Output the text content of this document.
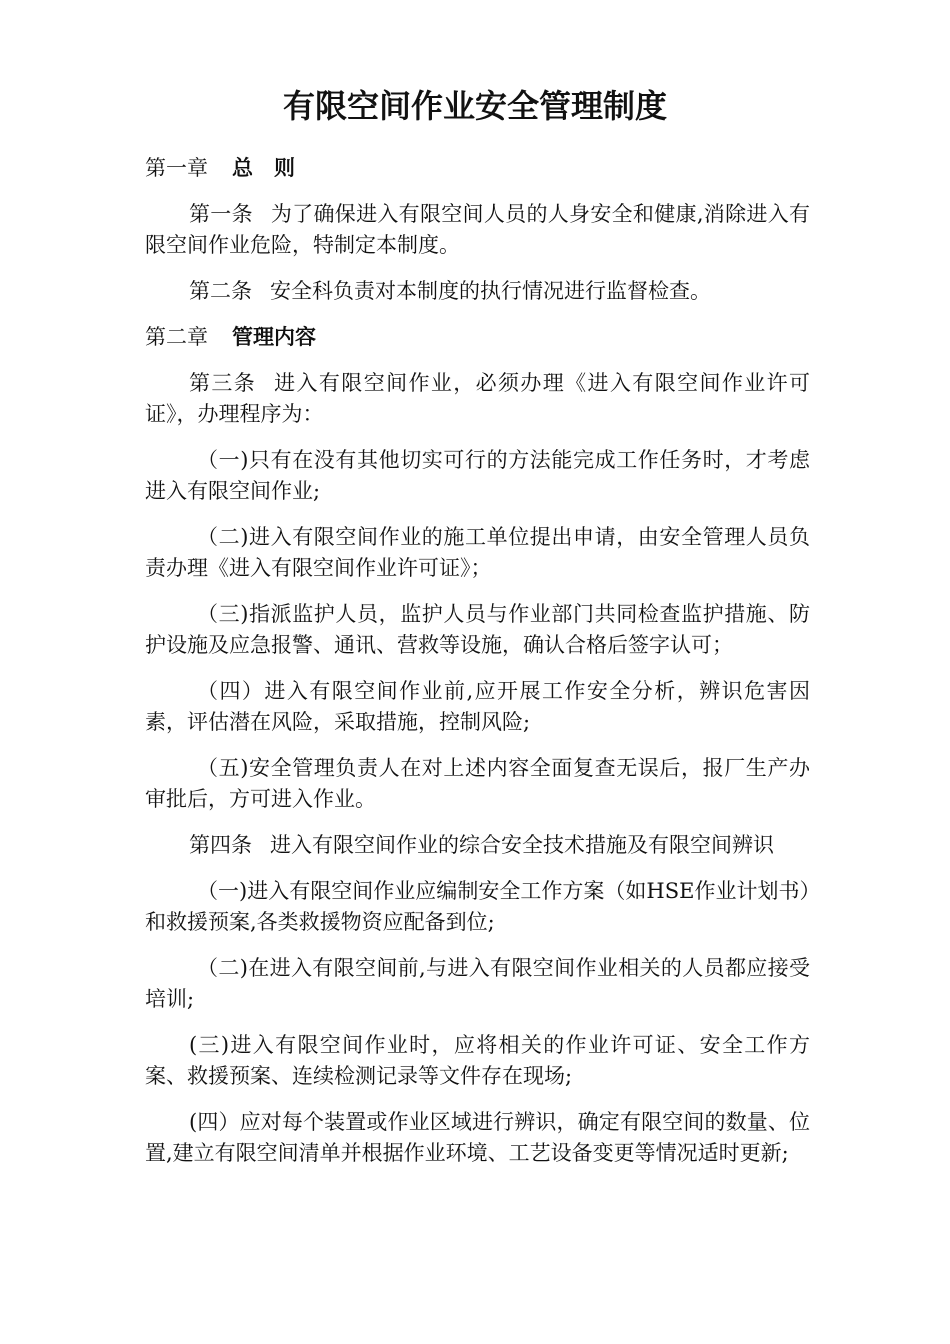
有限空间作业安全管理制度

第一章 总　则

第一条 为了确保进入有限空间人员的人身安全和健康,消除进入有限空间作业危险，特制定本制度。

第二条 安全科负责对本制度的执行情况进行监督检查。

第二章 管理内容

第三条 进入有限空间作业，必须办理《进入有限空间作业许可证》，办理程序为：

（一)只有在没有其他切实可行的方法能完成工作任务时，才考虑进入有限空间作业;

（二)进入有限空间作业的施工单位提出申请，由安全管理人员负责办理《进入有限空间作业许可证》；

（三)指派监护人员，监护人员与作业部门共同检查监护措施、防护设施及应急报警、通讯、营救等设施，确认合格后签字认可；

（四）进入有限空间作业前,应开展工作安全分析，辨识危害因素，评估潜在风险，采取措施，控制风险;

（五)安全管理负责人在对上述内容全面复查无误后，报厂生产办审批后，方可进入作业。

第四条 进入有限空间作业的综合安全技术措施及有限空间辨识

（一)进入有限空间作业应编制安全工作方案（如HSE作业计划书）和救援预案,各类救援物资应配备到位;

（二)在进入有限空间前,与进入有限空间作业相关的人员都应接受培训;

(三)进入有限空间作业时，应将相关的作业许可证、安全工作方案、救援预案、连续检测记录等文件存在现场;

(四）应对每个装置或作业区域进行辨识，确定有限空间的数量、位置,建立有限空间清单并根据作业环境、工艺设备变更等情况适时更新;
